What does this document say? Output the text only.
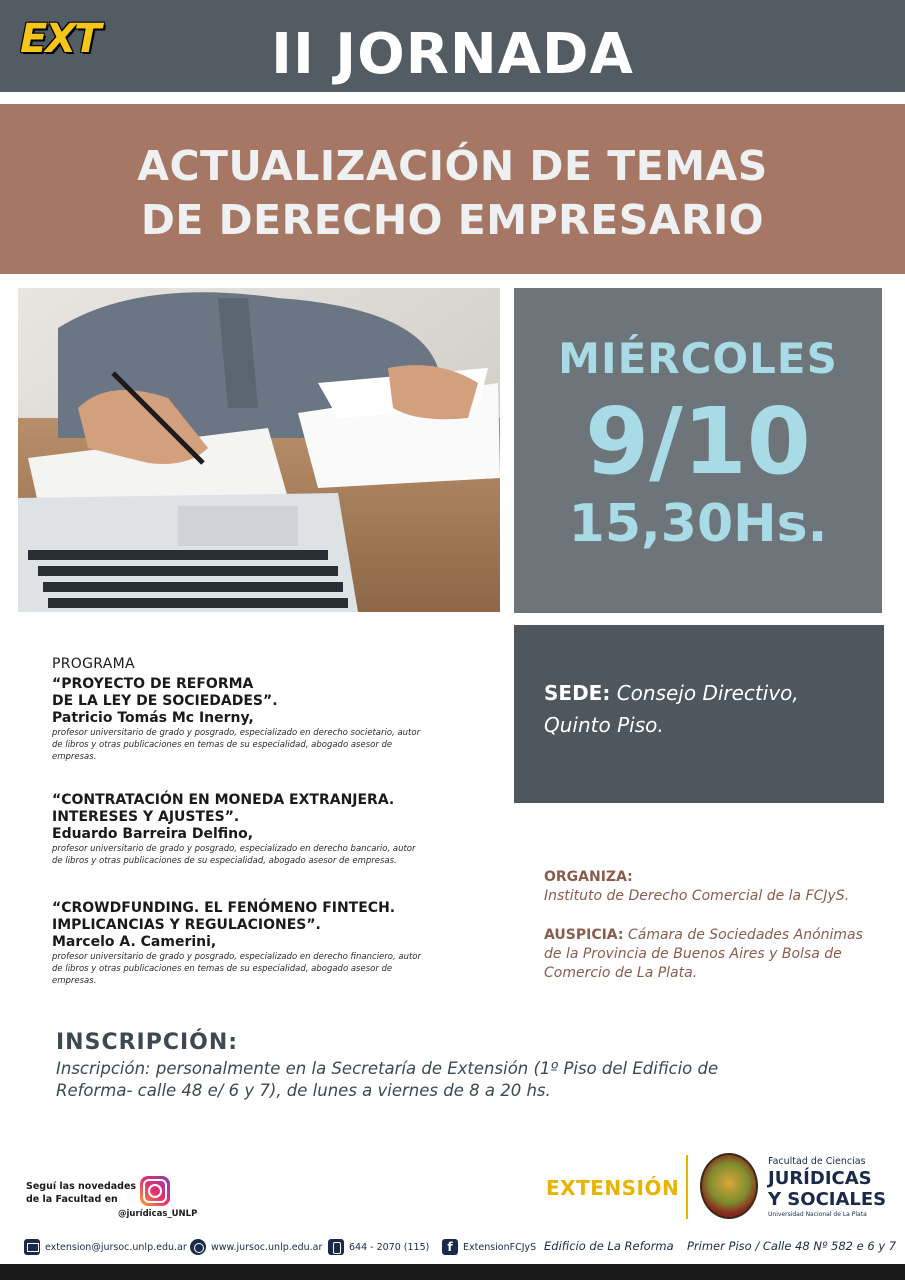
EXT	II JORNADA
ACTUALIZACIÓN DE TEMAS
DE DERECHO EMPRESARIO
MIÉRCOLES
9/10
15,30Hs.
SEDE: Consejo Directivo,
Quinto Piso.
PROGRAMA
“PROYECTO DE REFORMA
DE LA LEY DE SOCIEDADES”.
Patricio Tomás Mc Inerny,
profesor universitario de grado y posgrado, especializado en derecho societario, autor de libros y otras publicaciones en temas de su especialidad, abogado asesor de empresas.
“CONTRATACIÓN EN MONEDA EXTRANJERA.
INTERESES Y AJUSTES”.
Eduardo Barreira Delfino,
profesor universitario de grado y posgrado, especializado en derecho bancario, autor de libros y otras publicaciones de su especialidad, abogado asesor de empresas.
“CROWDFUNDING. EL FENÓMENO FINTECH.
IMPLICANCIAS Y REGULACIONES”.
Marcelo A. Camerini,
profesor universitario de grado y posgrado, especializado en derecho financiero, autor de libros y otras publicaciones en temas de su especialidad, abogado asesor de empresas.
ORGANIZA:
Instituto de Derecho Comercial de la FCJyS.
AUSPICIA: Cámara de Sociedades Anónimas de la Provincia de Buenos Aires y Bolsa de Comercio de La Plata.
INSCRIPCIÓN:
Inscripción: personalmente en la Secretaría de Extensión (1º Piso del Edificio de Reforma- calle 48 e/ 6 y 7), de lunes a viernes de 8 a 20 hs.
Seguí las novedades de la Facultad en
@jurídicas_UNLP
EXTENSIÓN
Facultad de Ciencias
JURÍDICAS
Y SOCIALES
Universidad Nacional de La Plata
extension@jursoc.unlp.edu.ar	www.jursoc.unlp.edu.ar	644 - 2070 (115)	f	ExtensionFCJyS Edificio de La Reforma Primer Piso / Calle 48 Nº 582 e 6 y 7
